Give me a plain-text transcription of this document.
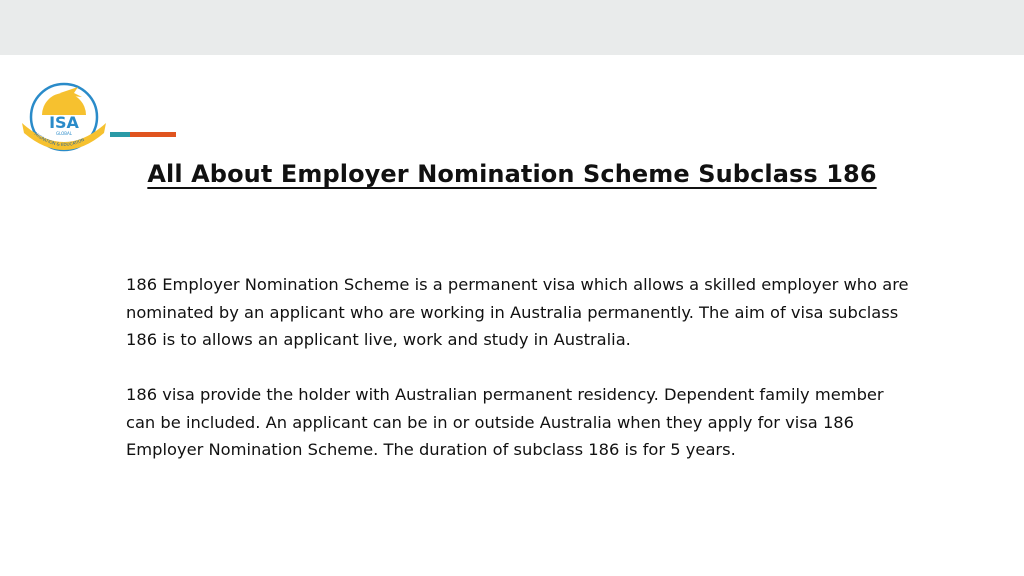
ISA
GLOBAL
MIGRATION & EDUCATION
All About Employer Nomination Scheme Subclass 186

186 Employer Nomination Scheme is a permanent visa which allows a skilled employer who are nominated by an applicant who are working in Australia permanently. The aim of visa subclass 186 is to allows an applicant live, work and study in Australia.

186 visa provide the holder with Australian permanent residency. Dependent family member can be included. An applicant can be in or outside Australia when they apply for visa 186 Employer Nomination Scheme. The duration of subclass 186 is for 5 years.
